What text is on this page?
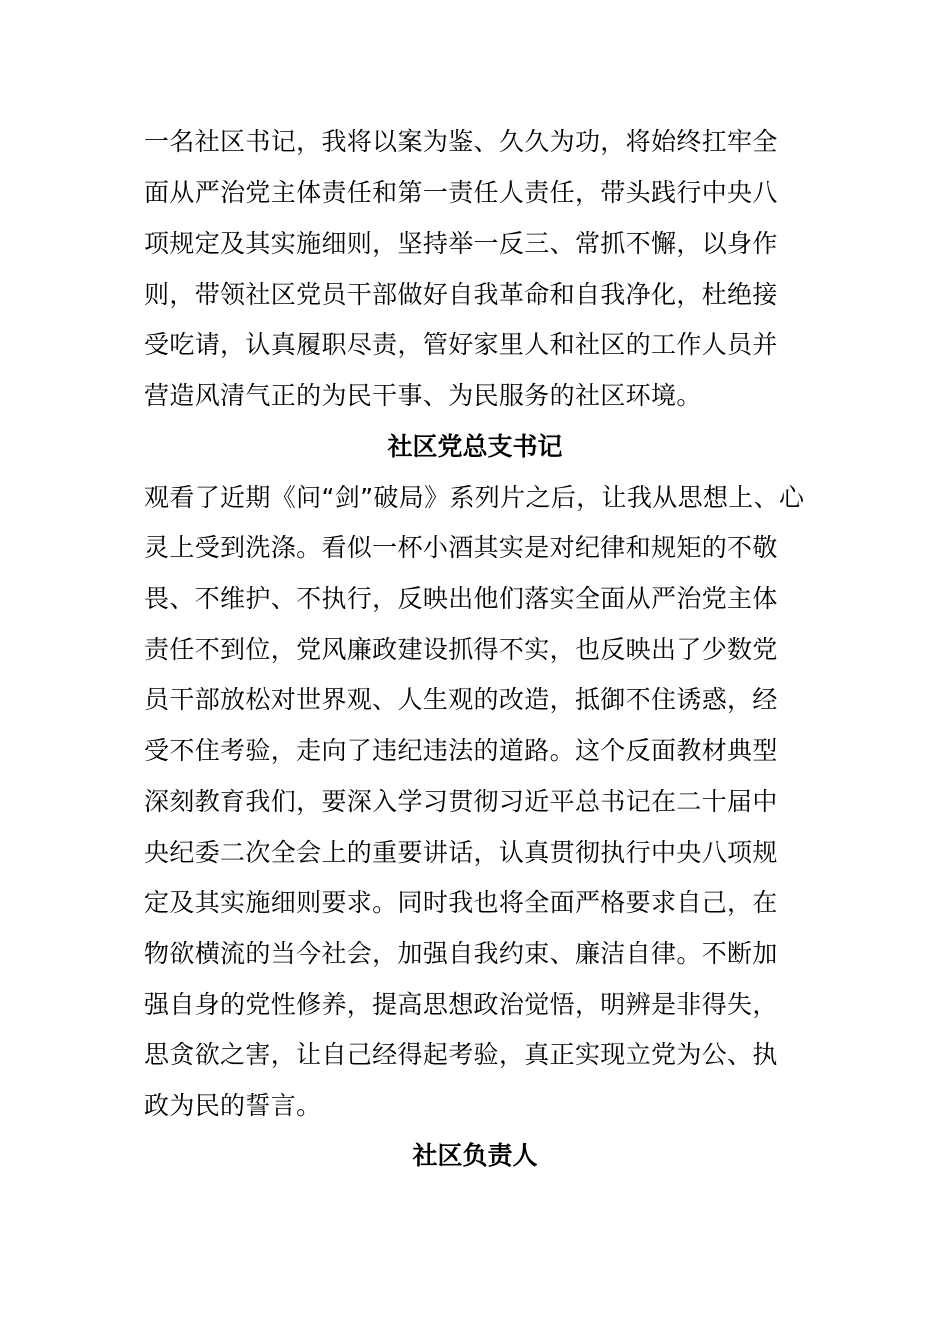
一名社区书记，我将以案为鉴、久久为功，将始终扛牢全
面从严治党主体责任和第一责任人责任，带头践行中央八
项规定及其实施细则，坚持举一反三、常抓不懈，以身作
则，带领社区党员干部做好自我革命和自我净化，杜绝接
受吃请，认真履职尽责，管好家里人和社区的工作人员并
营造风清气正的为民干事、为民服务的社区环境。
社区党总支书记
观看了近期《问“剑”破局》系列片之后，让我从思想上、心
灵上受到洗涤。看似一杯小酒其实是对纪律和规矩的不敬
畏、不维护、不执行，反映出他们落实全面从严治党主体
责任不到位，党风廉政建设抓得不实，也反映出了少数党
员干部放松对世界观、人生观的改造，抵御不住诱惑，经
受不住考验，走向了违纪违法的道路。这个反面教材典型
深刻教育我们，要深入学习贯彻习近平总书记在二十届中
央纪委二次全会上的重要讲话，认真贯彻执行中央八项规
定及其实施细则要求。同时我也将全面严格要求自己，在
物欲横流的当今社会，加强自我约束、廉洁自律。不断加
强自身的党性修养，提高思想政治觉悟，明辨是非得失，
思贪欲之害，让自己经得起考验，真正实现立党为公、执
政为民的誓言。
社区负责人
